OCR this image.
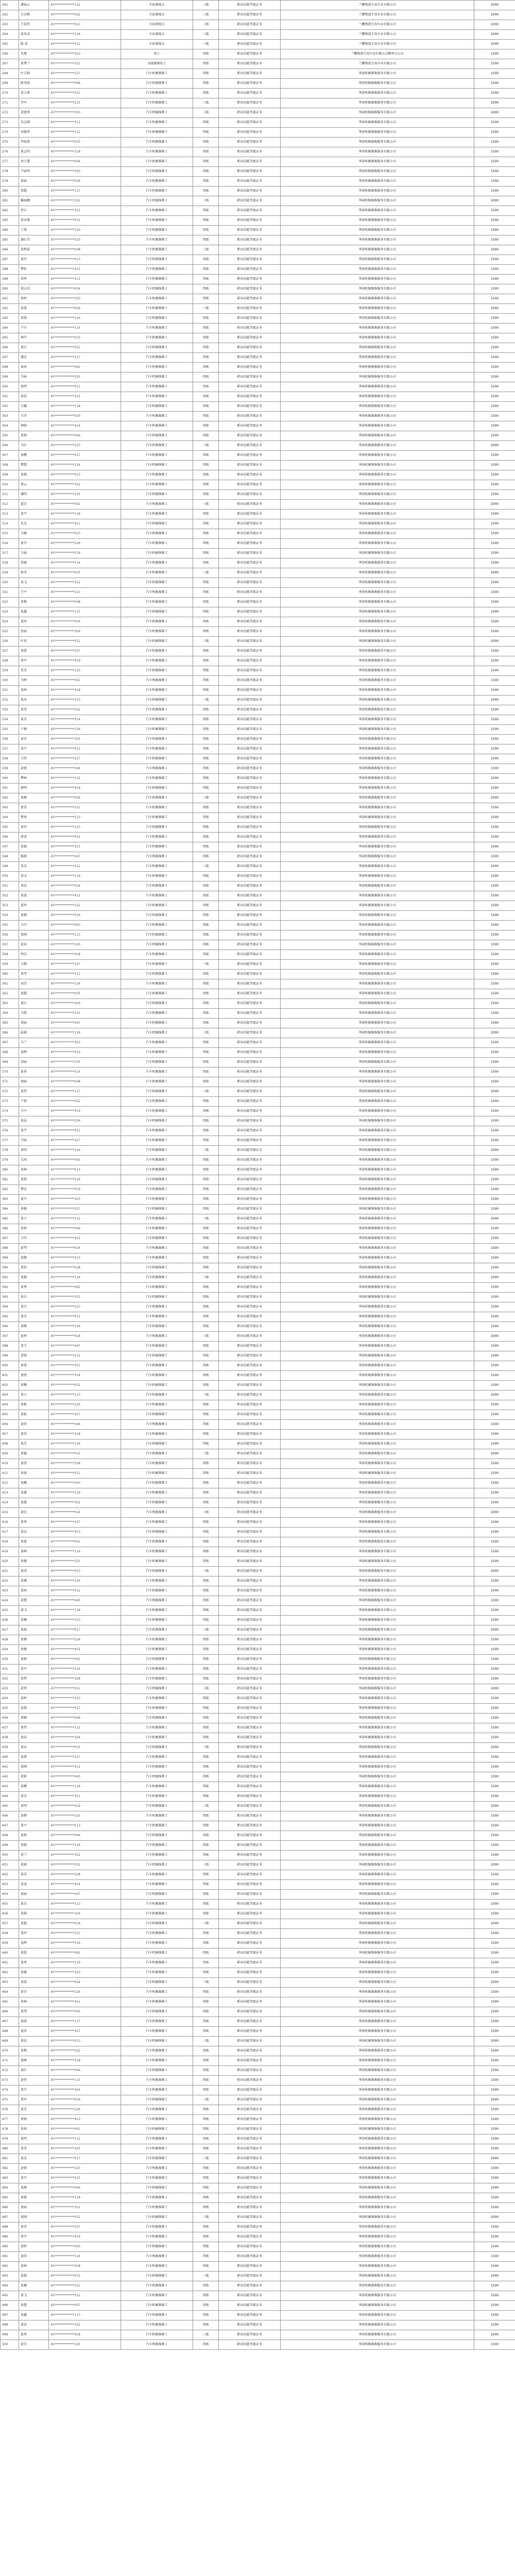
261	潘丽云	45*************122	车站调度员	三级	职业技能等级证书	兰鹏物流专用车业有限公司	2000
262	吕金梅	45*************022	车站调度员	三级	职业技能等级证书	兰鹏物流专用车业有限公司	2000
263	王宏伟	45*************013	车站调度员	三级	职业技能等级证书	兰鹏物流专用车业有限公司	2000
264	黄凤英	45*************126	车站调度员	三级	职业技能等级证书	兰鹏物流专用车业有限公司	2000
265	陈 宏	45*************512	车站调度员	三级	职业技能等级证书	兰鹏物流专用车业有限公司	2000
266	朱建	45*************410	电工	四级	职业技能等级证书	兰鹏物流专用车业有限公司柳州分公司	1500
267	黄秀兰	45*************321	高级维修电工	四级	职业技能等级证书	兰鹏物流专用车业有限公司	1500
268	叶玉娟	45*************227	汽车机械维修工	四级	职业技能等级证书	华裕机械维修服务有限公司	1500
269	陈美娟	45*************046	汽车机械维修工	四级	职业技能等级证书	华裕机械维修服务有限公司	1500
270	黄小燕	45*************521	汽车机械维修工	四级	职业技能等级证书	华裕机械维修服务有限公司	1500
271	李军	45*************215	汽车机械维修工	三级	职业技能等级证书	华裕机械维修服务有限公司	2000
272	黄建华	45*************033	汽车机械维修工	三级	职业技能等级证书	华裕机械维修服务有限公司	2000
273	宋志刚	45*************211	汽车机械维修工	四级	职业技能等级证书	华裕机械维修服务有限公司	1500
274	刘振华	45*************112	汽车机械维修工	四级	职业技能等级证书	华裕机械维修服务有限公司	1500
275	李海燕	45*************025	汽车机械维修工	四级	职业技能等级证书	华裕机械维修服务有限公司	1500
276	黄志明	45*************218	汽车机械维修工	四级	职业技能等级证书	华裕机械维修服务有限公司	1500
277	周小慧	45*************044	汽车机械维修工	四级	职业技能等级证书	华裕机械维修服务有限公司	1500
278	卢丽华	45*************343	汽车机械维修工	四级	职业技能等级证书	华裕机械维修服务有限公司	1500
279	黄丽	45*************026	汽车机械维修工	四级	职业技能等级证书	华裕机械维修服务有限公司	1500
280	雷超	45*************117	汽车机械维修工	四级	职业技能等级证书	华裕机械维修服务有限公司	1500
281	戴丽娜	45*************222	汽车机械维修工	三级	职业技能等级证书	华裕机械维修服务有限公司	2000
282	何正	45*************315	汽车机械维修工	四级	职业技能等级证书	华裕机械维修服务有限公司	1500
283	黄永强	45*************031	汽车机械维修工	四级	职业技能等级证书	华裕机械维修服务有限公司	1500
284	王燕	45*************120	汽车机械维修工	四级	职业技能等级证书	华裕机械维修服务有限公司	1500
285	谢红英	45*************523	汽车机械维修工	四级	职业技能等级证书	华裕机械维修服务有限公司	1500
286	黄秋菊	45*************048	汽车机械维修工	三级	职业技能等级证书	华裕机械维修服务有限公司	2000
287	黄军	45*************013	汽车机械维修工	四级	职业技能等级证书	华裕机械维修服务有限公司	1500
288	覃桂	45*************415	汽车机械维修工	四级	职业技能等级证书	华裕机械维修服务有限公司	1500
289	梁华	45*************211	汽车机械维修工	四级	职业技能等级证书	华裕机械维修服务有限公司	1500
290	梁志英	45*************024	汽车机械维修工	四级	职业技能等级证书	华裕机械维修服务有限公司	1500
291	黄婷	45*************320	汽车机械维修工	四级	职业技能等级证书	华裕机械维修服务有限公司	1500
292	黄霞	45*************026	汽车机械维修工	三级	职业技能等级证书	华裕机械维修服务有限公司	2000
293	梁燕	45*************126	汽车机械维修工	四级	职业技能等级证书	华裕机械维修服务有限公司	1500
294	卢兴	45*************114	汽车机械维修工	四级	职业技能等级证书	华裕机械维修服务有限公司	1500
295	林宇	45*************033	汽车机械维修工	四级	职业技能等级证书	华裕机械维修服务有限公司	1500
296	黄红	45*************521	汽车机械维修工	四级	职业技能等级证书	华裕机械维修服务有限公司	1500
297	潘杰	45*************217	汽车机械维修工	四级	职业技能等级证书	华裕机械维修服务有限公司	1500
298	秦凤	45*************042	汽车机械维修工	四级	职业技能等级证书	华裕机械维修服务有限公司	1500
299	韦丽	45*************225	汽车机械维修工	四级	职业技能等级证书	华裕机械维修服务有限公司	1500
300	黄明	45*************011	汽车机械维修工	四级	职业技能等级证书	华裕机械维修服务有限公司	1500
301	黄浩	45*************315	汽车机械维修工	四级	职业技能等级证书	华裕机械维修服务有限公司	1500
302	韦鑫	45*************118	汽车机械维修工	四级	职业技能等级证书	华裕机械维修服务有限公司	1500
303	韦冬	45*************020	汽车机械维修工	四级	职业技能等级证书	华裕机械维修服务有限公司	1500
304	钟晓	45*************414	汽车机械维修工	四级	职业技能等级证书	华裕机械维修服务有限公司	1500
305	黄娟	45*************046	汽车机械维修工	四级	职业技能等级证书	华裕机械维修服务有限公司	1500
306	韦红	45*************223	汽车机械维修工	三级	职业技能等级证书	华裕机械维修服务有限公司	2000
307	黄鹏	45*************517	汽车机械维修工	四级	职业技能等级证书	华裕机械维修服务有限公司	1500
308	覃慧	45*************124	汽车机械维修工	四级	职业技能等级证书	华裕机械维修服务有限公司	1500
309	黄强	45*************013	汽车机械维修工	四级	职业技能等级证书	华裕机械维修服务有限公司	1500
310	蒙云	45*************322	汽车机械维修工	四级	职业技能等级证书	华裕机械维修服务有限公司	1500
311	潘明	45*************215	汽车机械维修工	四级	职业技能等级证书	华裕机械维修服务有限公司	1500
312	蓝芳	45*************042	汽车机械维修工	三级	职业技能等级证书	华裕机械维修服务有限公司	2000
313	黄平	45*************118	汽车机械维修工	四级	职业技能等级证书	华裕机械维修服务有限公司	1500
314	农杰	45*************411	汽车机械维修工	四级	职业技能等级证书	华裕机械维修服务有限公司	1500
315	韦敏	45*************023	汽车机械维修工	四级	职业技能等级证书	华裕机械维修服务有限公司	1500
316	黄芬	45*************226	汽车机械维修工	四级	职业技能等级证书	华裕机械维修服务有限公司	1500
317	韦威	45*************519	汽车机械维修工	四级	职业技能等级证书	华裕机械维修服务有限公司	1500
318	梁斌	45*************114	汽车机械维修工	四级	职业技能等级证书	华裕机械维修服务有限公司	1500
319	蒋英	45*************025	汽车机械维修工	三级	职业技能等级证书	华裕机械维修服务有限公司	2000
320	黄飞	45*************312	汽车机械维修工	四级	职业技能等级证书	华裕机械维修服务有限公司	1500
321	甘平	45*************213	汽车机械维修工	四级	职业技能等级证书	华裕机械维修服务有限公司	1500
322	黄梅	45*************048	汽车机械维修工	四级	职业技能等级证书	华裕机械维修服务有限公司	1500
323	黄鑫	45*************115	汽车机械维修工	四级	职业技能等级证书	华裕机械维修服务有限公司	1500
324	蓝凤	45*************024	汽车机械维修工	四级	职业技能等级证书	华裕机械维修服务有限公司	1500
325	张丽	45*************326	汽车机械维修工	四级	职业技能等级证书	华裕机械维修服务有限公司	1500
326	叶宏	45*************511	汽车机械维修工	三级	职业技能等级证书	华裕机械维修服务有限公司	2000
327	黄霞	45*************227	汽车机械维修工	四级	职业技能等级证书	华裕机械维修服务有限公司	1500
328	黄军	45*************019	汽车机械维修工	四级	职业技能等级证书	华裕机械维修服务有限公司	1500
329	莫芳	45*************123	汽车机械维修工	四级	职业技能等级证书	华裕机械维修服务有限公司	1500
330	韦婷	45*************041	汽车机械维修工	四级	职业技能等级证书	华裕机械维修服务有限公司	1500
331	黄海	45*************418	汽车机械维修工	四级	职业技能等级证书	华裕机械维修服务有限公司	1500
332	黄冰	45*************213	汽车机械维修工	三级	职业技能等级证书	华裕机械维修服务有限公司	2000
333	黄莹	45*************022	汽车机械维修工	四级	职业技能等级证书	华裕机械维修服务有限公司	1500
334	黄杰	45*************514	汽车机械维修工	四级	职业技能等级证书	华裕机械维修服务有限公司	1500
335	卢梅	45*************126	汽车机械维修工	四级	职业技能等级证书	华裕机械维修服务有限公司	1500
336	黄芳	45*************325	汽车机械维修工	四级	职业技能等级证书	华裕机械维修服务有限公司	1500
337	黄平	45*************011	汽车机械维修工	四级	职业技能等级证书	华裕机械维修服务有限公司	1500
338	韦伟	45*************217	汽车机械维修工	四级	职业技能等级证书	华裕机械维修服务有限公司	1500
339	黄蓉	45*************044	汽车机械维修工	四级	职业技能等级证书	华裕机械维修服务有限公司	1500
340	覃林	45*************112	汽车机械维修工	四级	职业技能等级证书	华裕机械维修服务有限公司	1500
341	廖明	45*************418	汽车机械维修工	四级	职业技能等级证书	华裕机械维修服务有限公司	1500
342	黄静	45*************026	汽车机械维修工	三级	职业技能等级证书	华裕机械维修服务有限公司	2000
343	黄雪	45*************221	汽车机械维修工	四级	职业技能等级证书	华裕机械维修服务有限公司	1500
344	覃勇	45*************513	汽车机械维修工	四级	职业技能等级证书	华裕机械维修服务有限公司	1500
345	黄玲	45*************123	汽车机械维修工	四级	职业技能等级证书	华裕机械维修服务有限公司	1500
346	唐龙	45*************014	汽车机械维修工	四级	职业技能等级证书	华裕机械维修服务有限公司	1500
347	黄毅	45*************315	汽车机械维修工	四级	职业技能等级证书	华裕机械维修服务有限公司	1500
348	陈晓	45*************047	汽车机械维修工	四级	职业技能等级证书	华裕机械维修服务有限公司	1500
349	莫杰	45*************212	汽车机械维修工	三级	职业技能等级证书	华裕机械维修服务有限公司	2000
350	黄文	45*************119	汽车机械维修工	四级	职业技能等级证书	华裕机械维修服务有限公司	1500
351	邓洁	45*************024	汽车机械维修工	四级	职业技能等级证书	华裕机械维修服务有限公司	1500
352	黄波	45*************411	汽车机械维修工	四级	职业技能等级证书	华裕机械维修服务有限公司	1500
353	蓝珍	45*************222	汽车机械维修工	四级	职业技能等级证书	华裕机械维修服务有限公司	1500
354	黄斌	45*************516	汽车机械维修工	四级	职业技能等级证书	华裕机械维修服务有限公司	1500
355	韦丹	45*************043	汽车机械维修工	四级	职业技能等级证书	华裕机械维修服务有限公司	1500
356	黄刚	45*************113	汽车机械维修工	四级	职业技能等级证书	华裕机械维修服务有限公司	1500
357	黄春	45*************320	汽车机械维修工	四级	职业技能等级证书	华裕机械维修服务有限公司	1500
358	钟乐	45*************018	汽车机械维修工	四级	职业技能等级证书	华裕机械维修服务有限公司	1500
359	韦群	45*************227	汽车机械维修工	三级	职业技能等级证书	华裕机械维修服务有限公司	2000
360	黄坚	45*************511	汽车机械维修工	四级	职业技能等级证书	华裕机械维修服务有限公司	1500
361	刘芳	45*************126	汽车机械维修工	四级	职业技能等级证书	华裕机械维修服务有限公司	1500
362	黄超	45*************035	汽车机械维修工	四级	职业技能等级证书	华裕机械维修服务有限公司	1500
363	黄红	45*************429	汽车机械维修工	四级	职业技能等级证书	华裕机械维修服务有限公司	1500
364	韦凯	45*************215	汽车机械维修工	四级	职业技能等级证书	华裕机械维修服务有限公司	1500
365	黄丽	45*************047	汽车机械维修工	四级	职业技能等级证书	华裕机械维修服务有限公司	1500
366	陆斌	45*************116	汽车机械维修工	三级	职业技能等级证书	华裕机械维修服务有限公司	2000
367	韦兰	45*************323	汽车机械维修工	四级	职业技能等级证书	华裕机械维修服务有限公司	1500
368	黄辉	45*************013	汽车机械维修工	四级	职业技能等级证书	华裕机械维修服务有限公司	1500
369	梁丽	45*************225	汽车机械维修工	四级	职业技能等级证书	华裕机械维修服务有限公司	1500
370	黄勇	45*************514	汽车机械维修工	四级	职业技能等级证书	华裕机械维修服务有限公司	1500
371	唐丽	45*************048	汽车机械维修工	四级	职业技能等级证书	华裕机械维修服务有限公司	1500
372	黄伟	45*************117	汽车机械维修工	三级	职业技能等级证书	华裕机械维修服务有限公司	2000
373	卢倩	45*************022	汽车机械维修工	四级	职业技能等级证书	华裕机械维修服务有限公司	1500
374	韦平	45*************319	汽车机械维修工	四级	职业技能等级证书	华裕机械维修服务有限公司	1500
375	黄晶	45*************226	汽车机械维修工	四级	职业技能等级证书	华裕机械维修服务有限公司	1500
376	黄宇	45*************011	汽车机械维修工	四级	职业技能等级证书	华裕机械维修服务有限公司	1500
377	甘丽	45*************427	汽车机械维修工	四级	职业技能等级证书	华裕机械维修服务有限公司	1500
378	黄明	45*************216	汽车机械维修工	三级	职业技能等级证书	华裕机械维修服务有限公司	2000
379	吴凤	45*************045	汽车机械维修工	四级	职业技能等级证书	华裕机械维修服务有限公司	1500
380	黄林	45*************513	汽车机械维修工	四级	职业技能等级证书	华裕机械维修服务有限公司	1500
381	黄倩	45*************124	汽车机械维修工	四级	职业技能等级证书	华裕机械维修服务有限公司	1500
382	覃杰	45*************019	汽车机械维修工	四级	职业技能等级证书	华裕机械维修服务有限公司	1500
383	黄丹	45*************323	汽车机械维修工	四级	职业技能等级证书	华裕机械维修服务有限公司	1500
384	黄敏	45*************227	汽车机械维修工	四级	职业技能等级证书	华裕机械维修服务有限公司	1500
385	黄立	45*************112	汽车机械维修工	三级	职业技能等级证书	华裕机械维修服务有限公司	2000
386	黄莉	45*************046	汽车机械维修工	四级	职业技能等级证书	华裕机械维修服务有限公司	1500
387	韦军	45*************415	汽车机械维修工	四级	职业技能等级证书	华裕机械维修服务有限公司	1500
388	黄琴	45*************024	汽车机械维修工	四级	职业技能等级证书	华裕机械维修服务有限公司	1500
389	黄健	45*************213	汽车机械维修工	四级	职业技能等级证书	华裕机械维修服务有限公司	1500
390	黄彩	45*************528	汽车机械维修工	四级	职业技能等级证书	华裕机械维修服务有限公司	1500
391	黄振	45*************116	汽车机械维修工	三级	职业技能等级证书	华裕机械维修服务有限公司	2000
392	黄秀	45*************042	汽车机械维修工	四级	职业技能等级证书	华裕机械维修服务有限公司	1500
393	黄兵	45*************315	汽车机械维修工	四级	职业技能等级证书	华裕机械维修服务有限公司	1500
394	黄月	45*************223	汽车机械维修工	四级	职业技能等级证书	华裕机械维修服务有限公司	1500
395	黄光	45*************011	汽车机械维修工	四级	职业技能等级证书	华裕机械维修服务有限公司	1500
396	黄嫦	45*************126	汽车机械维修工	四级	职业技能等级证书	华裕机械维修服务有限公司	1500
397	黄坤	45*************418	汽车机械维修工	三级	职业技能等级证书	华裕机械维修服务有限公司	2000
398	黄玉	45*************047	汽车机械维修工	四级	职业技能等级证书	华裕机械维修服务有限公司	1500
399	黄锋	45*************212	汽车机械维修工	四级	职业技能等级证书	华裕机械维修服务有限公司	1500
400	黄蓉	45*************321	汽车机械维修工	四级	职业技能等级证书	华裕机械维修服务有限公司	1500
401	黄胜	45*************514	汽车机械维修工	四级	职业技能等级证书	华裕机械维修服务有限公司	1500
402	黄姗	45*************022	汽车机械维修工	四级	职业技能等级证书	华裕机械维修服务有限公司	1500
403	黄力	45*************113	汽车机械维修工	三级	职业技能等级证书	华裕机械维修服务有限公司	2000
404	黄艳	45*************225	汽车机械维修工	四级	职业技能等级证书	华裕机械维修服务有限公司	1500
405	黄松	45*************417	汽车机械维修工	四级	职业技能等级证书	华裕机械维修服务有限公司	1500
406	黄萍	45*************046	汽车机械维修工	四级	职业技能等级证书	华裕机械维修服务有限公司	1500
407	黄荣	45*************318	汽车机械维修工	四级	职业技能等级证书	华裕机械维修服务有限公司	1500
408	黄青	45*************124	汽车机械维修工	四级	职业技能等级证书	华裕机械维修服务有限公司	1500
409	黄德	45*************015	汽车机械维修工	三级	职业技能等级证书	华裕机械维修服务有限公司	2000
410	黄清	45*************228	汽车机械维修工	四级	职业技能等级证书	华裕机械维修服务有限公司	1500
411	黄盛	45*************511	汽车机械维修工	四级	职业技能等级证书	华裕机械维修服务有限公司	1500
412	黄娜	45*************043	汽车机械维修工	四级	职业技能等级证书	华裕机械维修服务有限公司	1500
413	黄斌	45*************119	汽车机械维修工	四级	职业技能等级证书	华裕机械维修服务有限公司	1500
414	黄霖	45*************322	汽车机械维修工	四级	职业技能等级证书	华裕机械维修服务有限公司	1500
415	黄达	45*************014	汽车机械维修工	三级	职业技能等级证书	华裕机械维修服务有限公司	2000
416	黄秀	45*************227	汽车机械维修工	四级	职业技能等级证书	华裕机械维修服务有限公司	1500
417	黄远	45*************413	汽车机械维修工	四级	职业技能等级证书	华裕机械维修服务有限公司	1500
418	黄菊	45*************041	汽车机械维修工	四级	职业技能等级证书	华裕机械维修服务有限公司	1500
419	黄峰	45*************116	汽车机械维修工	四级	职业技能等级证书	华裕机械维修服务有限公司	1500
420	黄薇	45*************325	汽车机械维修工	四级	职业技能等级证书	华裕机械维修服务有限公司	1500
421	黄涛	45*************013	汽车机械维修工	三级	职业技能等级证书	华裕机械维修服务有限公司	2000
422	黄珊	45*************224	汽车机械维修工	四级	职业技能等级证书	华裕机械维修服务有限公司	1500
423	黄海	45*************512	汽车机械维修工	四级	职业技能等级证书	华裕机械维修服务有限公司	1500
424	黄慧	45*************045	汽车机械维修工	四级	职业技能等级证书	华裕机械维修服务有限公司	1500
425	黄飞	45*************118	汽车机械维修工	四级	职业技能等级证书	华裕机械维修服务有限公司	1500
426	黄琳	45*************323	汽车机械维修工	四级	职业技能等级证书	华裕机械维修服务有限公司	1500
427	黄瑞	45*************017	汽车机械维修工	三级	职业技能等级证书	华裕机械维修服务有限公司	2000
428	黄雅	45*************226	汽车机械维修工	四级	职业技能等级证书	华裕机械维修服务有限公司	1500
429	黄健	45*************415	汽车机械维修工	四级	职业技能等级证书	华裕机械维修服务有限公司	1500
430	黄婵	45*************042	汽车机械维修工	四级	职业技能等级证书	华裕机械维修服务有限公司	1500
431	黄军	45*************114	汽车机械维修工	四级	职业技能等级证书	华裕机械维修服务有限公司	1500
432	黄梦	45*************328	汽车机械维修工	四级	职业技能等级证书	华裕机械维修服务有限公司	1500
433	黄华	45*************011	汽车机械维修工	三级	职业技能等级证书	华裕机械维修服务有限公司	2000
434	黄婷	45*************223	汽车机械维修工	四级	职业技能等级证书	华裕机械维修服务有限公司	1500
435	黄俊	45*************517	汽车机械维修工	四级	职业技能等级证书	华裕机械维修服务有限公司	1500
436	黄颖	45*************046	汽车机械维修工	四级	职业技能等级证书	华裕机械维修服务有限公司	1500
437	黄伟	45*************112	汽车机械维修工	四级	职业技能等级证书	华裕机械维修服务有限公司	1500
438	黄洁	45*************324	汽车机械维修工	四级	职业技能等级证书	华裕机械维修服务有限公司	1500
439	黄永	45*************015	汽车机械维修工	三级	职业技能等级证书	华裕机械维修服务有限公司	2000
440	黄燕	45*************227	汽车机械维修工	四级	职业技能等级证书	华裕机械维修服务有限公司	1500
441	黄刚	45*************412	汽车机械维修工	四级	职业技能等级证书	华裕机械维修服务有限公司	1500
442	黄妮	45*************043	汽车机械维修工	四级	职业技能等级证书	华裕机械维修服务有限公司	1500
443	黄鹏	45*************118	汽车机械维修工	四级	职业技能等级证书	华裕机械维修服务有限公司	1500
444	黄芳	45*************321	汽车机械维修工	四级	职业技能等级证书	华裕机械维修服务有限公司	1500
445	黄明	45*************019	汽车机械维修工	三级	职业技能等级证书	华裕机械维修服务有限公司	2000
446	黄静	45*************225	汽车机械维修工	四级	职业技能等级证书	华裕机械维修服务有限公司	1500
447	黄平	45*************513	汽车机械维修工	四级	职业技能等级证书	华裕机械维修服务有限公司	1500
448	黄莉	45*************044	汽车机械维修工	四级	职业技能等级证书	华裕机械维修服务有限公司	1500
449	黄强	45*************116	汽车机械维修工	四级	职业技能等级证书	华裕机械维修服务有限公司	1500
450	黄兰	45*************322	汽车机械维修工	四级	职业技能等级证书	华裕机械维修服务有限公司	1500
451	黄斌	45*************012	汽车机械维修工	三级	职业技能等级证书	华裕机械维修服务有限公司	2000
452	黄英	45*************228	汽车机械维修工	四级	职业技能等级证书	华裕机械维修服务有限公司	1500
453	黄龙	45*************414	汽车机械维修工	四级	职业技能等级证书	华裕机械维修服务有限公司	1500
454	黄丽	45*************047	汽车机械维修工	四级	职业技能等级证书	华裕机械维修服务有限公司	1500
455	黄杰	45*************113	汽车机械维修工	四级	职业技能等级证书	华裕机械维修服务有限公司	1500
456	黄娟	45*************326	汽车机械维修工	四级	职业技能等级证书	华裕机械维修服务有限公司	1500
457	黄超	45*************018	汽车机械维修工	三级	职业技能等级证书	华裕机械维修服务有限公司	2000
458	黄玲	45*************221	汽车机械维修工	四级	职业技能等级证书	华裕机械维修服务有限公司	1500
459	黄辉	45*************516	汽车机械维修工	四级	职业技能等级证书	华裕机械维修服务有限公司	1500
460	黄霞	45*************042	汽车机械维修工	四级	职业技能等级证书	华裕机械维修服务有限公司	1500
461	黄勇	45*************119	汽车机械维修工	四级	职业技能等级证书	华裕机械维修服务有限公司	1500
462	黄敏	45*************323	汽车机械维修工	四级	职业技能等级证书	华裕机械维修服务有限公司	1500
463	黄波	45*************014	汽车机械维修工	三级	职业技能等级证书	华裕机械维修服务有限公司	2000
464	黄芬	45*************224	汽车机械维修工	四级	职业技能等级证书	华裕机械维修服务有限公司	1500
465	黄林	45*************411	汽车机械维修工	四级	职业技能等级证书	华裕机械维修服务有限公司	1500
466	黄琴	45*************045	汽车机械维修工	四级	职业技能等级证书	华裕机械维修服务有限公司	1500
467	黄威	45*************117	汽车机械维修工	四级	职业技能等级证书	华裕机械维修服务有限公司	1500
468	黄萍	45*************327	汽车机械维修工	四级	职业技能等级证书	华裕机械维修服务有限公司	1500
469	黄宏	45*************013	汽车机械维修工	三级	职业技能等级证书	华裕机械维修服务有限公司	2000
470	黄梅	45*************222	汽车机械维修工	四级	职业技能等级证书	华裕机械维修服务有限公司	1500
471	黄峰	45*************518	汽车机械维修工	四级	职业技能等级证书	华裕机械维修服务有限公司	1500
472	黄红	45*************046	汽车机械维修工	四级	职业技能等级证书	华裕机械维修服务有限公司	1500
473	黄伟	45*************115	汽车机械维修工	四级	职业技能等级证书	华裕机械维修服务有限公司	1500
474	黄丹	45*************324	汽车机械维修工	四级	职业技能等级证书	华裕机械维修服务有限公司	1500
475	黄军	45*************016	汽车机械维修工	三级	职业技能等级证书	华裕机械维修服务有限公司	2000
476	黄芳	45*************226	汽车机械维修工	四级	职业技能等级证书	华裕机械维修服务有限公司	1500
477	黄强	45*************413	汽车机械维修工	四级	职业技能等级证书	华裕机械维修服务有限公司	1500
478	黄燕	45*************041	汽车机械维修工	四级	职业技能等级证书	华裕机械维修服务有限公司	1500
479	黄明	45*************112	汽车机械维修工	四级	职业技能等级证书	华裕机械维修服务有限公司	1500
480	黄英	45*************325	汽车机械维修工	四级	职业技能等级证书	华裕机械维修服务有限公司	1500
481	黄杰	45*************017	汽车机械维修工	三级	职业技能等级证书	华裕机械维修服务有限公司	2000
482	黄倩	45*************223	汽车机械维修工	四级	职业技能等级证书	华裕机械维修服务有限公司	1500
483	黄平	45*************515	汽车机械维修工	四级	职业技能等级证书	华裕机械维修服务有限公司	1500
484	黄静	45*************044	汽车机械维修工	四级	职业技能等级证书	华裕机械维修服务有限公司	1500
485	黄斌	45*************118	汽车机械维修工	四级	职业技能等级证书	华裕机械维修服务有限公司	1500
486	黄丽	45*************321	汽车机械维修工	四级	职业技能等级证书	华裕机械维修服务有限公司	1500
487	黄刚	45*************012	汽车机械维修工	三级	职业技能等级证书	华裕机械维修服务有限公司	2000
488	黄莹	45*************227	汽车机械维修工	四级	职业技能等级证书	华裕机械维修服务有限公司	1500
489	黄宇	45*************416	汽车机械维修工	四级	职业技能等级证书	华裕机械维修服务有限公司	1500
490	黄婷	45*************043	汽车机械维修工	四级	职业技能等级证书	华裕机械维修服务有限公司	1500
491	黄涛	45*************114	汽车机械维修工	四级	职业技能等级证书	华裕机械维修服务有限公司	1500
492	黄娟	45*************328	汽车机械维修工	四级	职业技能等级证书	华裕机械维修服务有限公司	1500
493	黄俊	45*************015	汽车机械维修工	三级	职业技能等级证书	华裕机械维修服务有限公司	2000
494	黄琳	45*************221	汽车机械维修工	四级	职业技能等级证书	华裕机械维修服务有限公司	1500
495	黄飞	45*************512	汽车机械维修工	四级	职业技能等级证书	华裕机械维修服务有限公司	1500
496	黄慧	45*************047	汽车机械维修工	四级	职业技能等级证书	华裕机械维修服务有限公司	1500
497	黄鑫	45*************113	汽车机械维修工	四级	职业技能等级证书	华裕机械维修服务有限公司	1500
498	黄洁	45*************322	汽车机械维修工	四级	职业技能等级证书	华裕机械维修服务有限公司	1500
499	黄勇	45*************018	汽车机械维修工	三级	职业技能等级证书	华裕机械维修服务有限公司	2000
500	黄芬	45*************225	汽车机械维修工	四级	职业技能等级证书	华裕机械维修服务有限公司	1500
